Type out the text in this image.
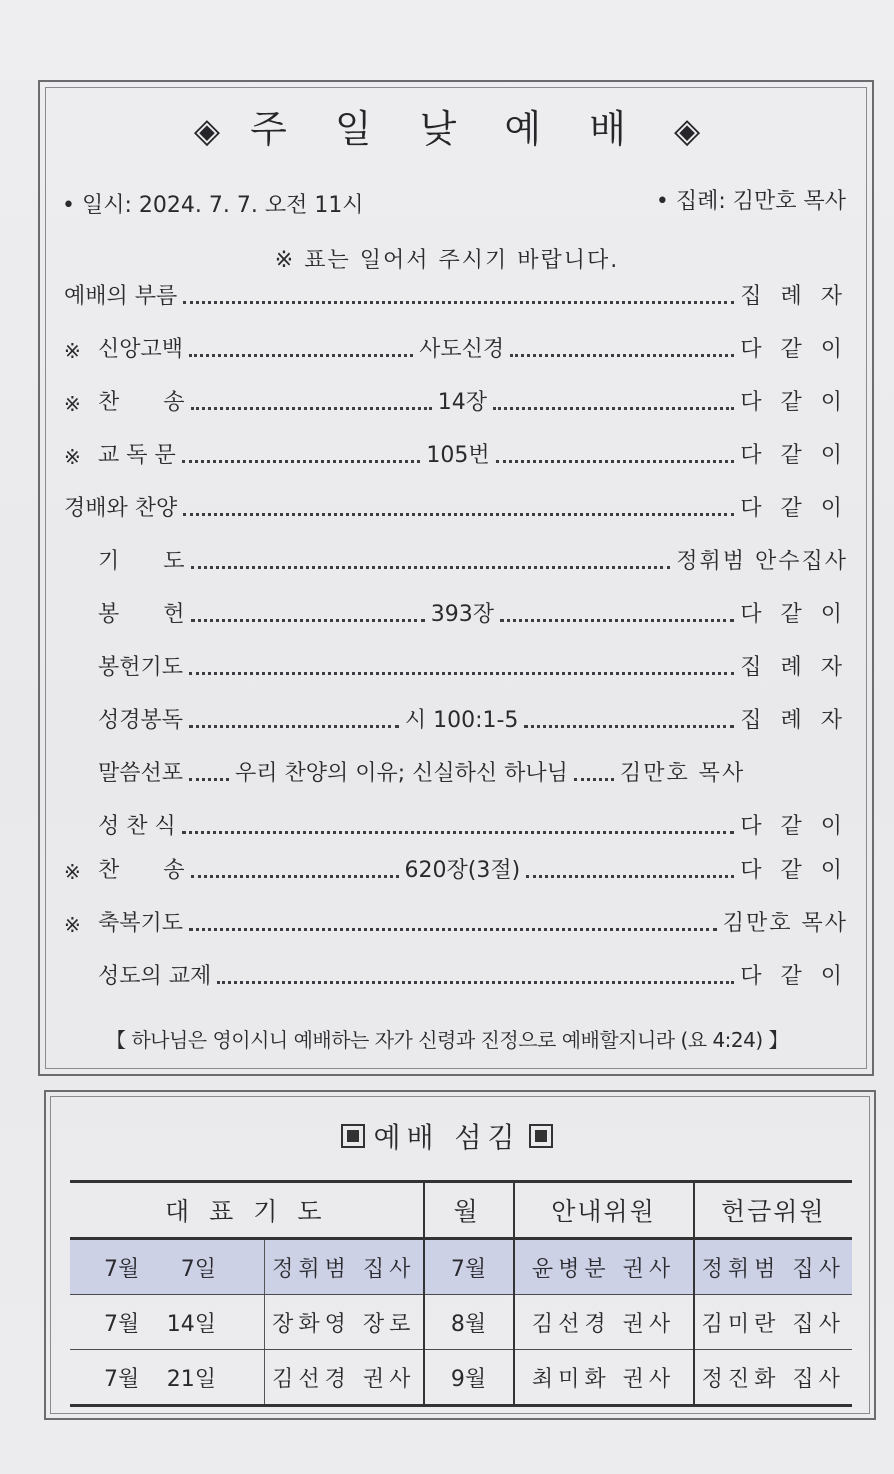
◈ 주 일 낮 예 배 ◈
• 일시: 2024. 7. 7. 오전 11시	• 집례: 김만호 목사
※ 표는 일어서 주시기 바랍니다.
예배의 부름	집 례 자
※ 신앙고백	사도신경	다 같 이
※ 찬　　송	14장	다 같 이
※ 교 독 문	105번	다 같 이
경배와 찬양	다 같 이
기　　도	정휘범 안수집사
봉　　헌	393장	다 같 이
봉헌기도	집 례 자
성경봉독	시 100:1-5	집 례 자
말씀선포 우리 찬양의 이유; 신실하신 하나님 김만호 목사
성 찬 식	다 같 이
※ 찬　　송	620장(3절)	다 같 이
※ 축복기도	김만호 목사
성도의 교제	다 같 이
【 하나님은 영이시니 예배하는 자가 신령과 진정으로 예배할지니라 (요 4:24) 】
예배 섬김
대 표 기 도		월	안내위원	헌금위원
7월 7일	정휘범 집사	7월	윤병분 권사	정휘범 집사
7월 14일	장화영 장로	8월	김선경 권사	김미란 집사
7월 21일	김선경 권사	9월	최미화 권사	정진화 집사
